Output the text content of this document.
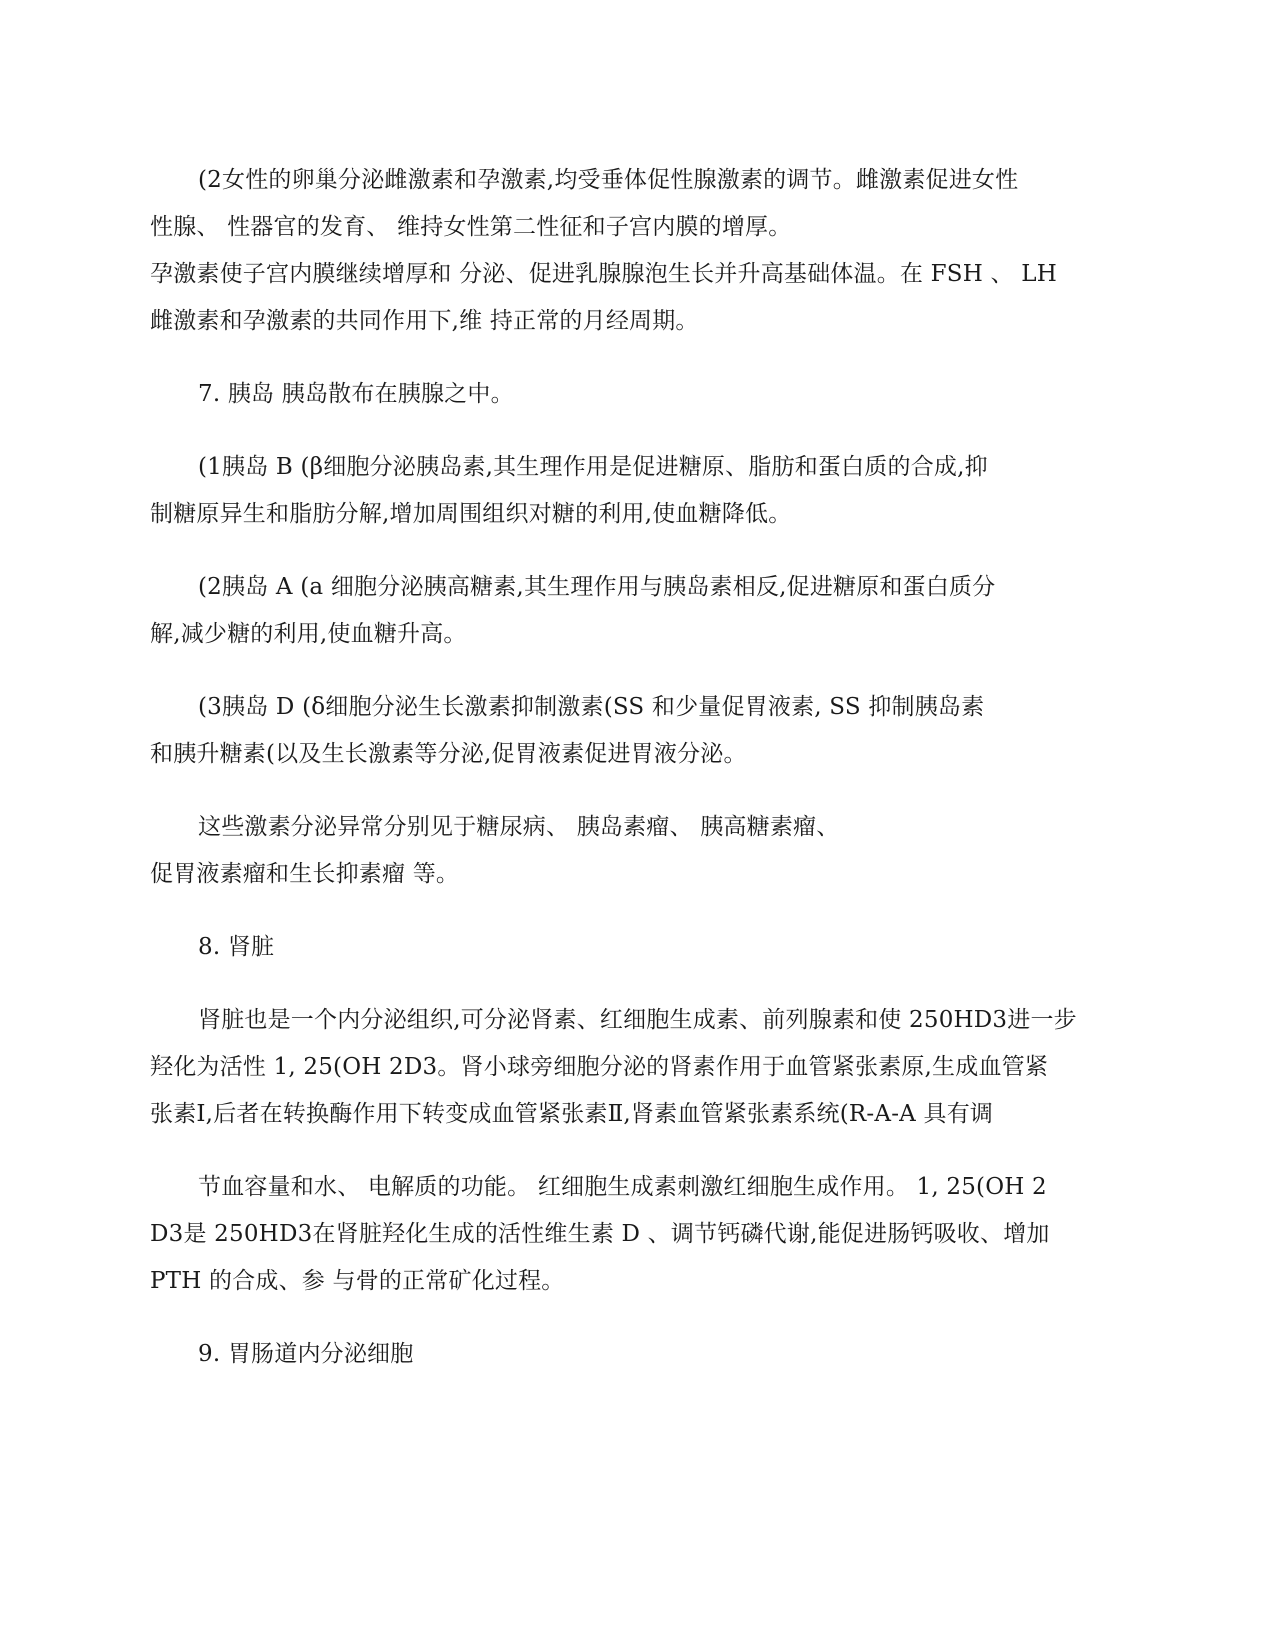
(2女性的卵巢分泌雌激素和孕激素,均受垂体促性腺激素的调节。雌激素促进女性
性腺、 性器官的发育、 维持女性第二性征和子宫内膜的增厚。
孕激素使子宫内膜继续增厚和 分泌、促进乳腺腺泡生长并升高基础体温。在 FSH 、 LH
雌激素和孕激素的共同作用下,维 持正常的月经周期。
7. 胰岛 胰岛散布在胰腺之中。
(1胰岛 B (β细胞分泌胰岛素,其生理作用是促进糖原、脂肪和蛋白质的合成,抑
制糖原异生和脂肪分解,增加周围组织对糖的利用,使血糖降低。
(2胰岛 A (a 细胞分泌胰高糖素,其生理作用与胰岛素相反,促进糖原和蛋白质分
解,减少糖的利用,使血糖升高。
(3胰岛 D (δ细胞分泌生长激素抑制激素(SS 和少量促胃液素, SS 抑制胰岛素
和胰升糖素(以及生长激素等分泌,促胃液素促进胃液分泌。
这些激素分泌异常分别见于糖尿病、 胰岛素瘤、 胰高糖素瘤、
促胃液素瘤和生长抑素瘤 等。
8. 肾脏
肾脏也是一个内分泌组织,可分泌肾素、红细胞生成素、前列腺素和使 250HD3进一步
羟化为活性 1, 25(OH 2D3。肾小球旁细胞分泌的肾素作用于血管紧张素原,生成血管紧
张素Ⅰ,后者在转换酶作用下转变成血管紧张素Ⅱ,肾素血管紧张素系统(R-A-A 具有调
节血容量和水、 电解质的功能。 红细胞生成素刺激红细胞生成作用。 1, 25(OH 2
D3是 250HD3在肾脏羟化生成的活性维生素 D 、调节钙磷代谢,能促进肠钙吸收、增加
PTH 的合成、参 与骨的正常矿化过程。
9. 胃肠道内分泌细胞
